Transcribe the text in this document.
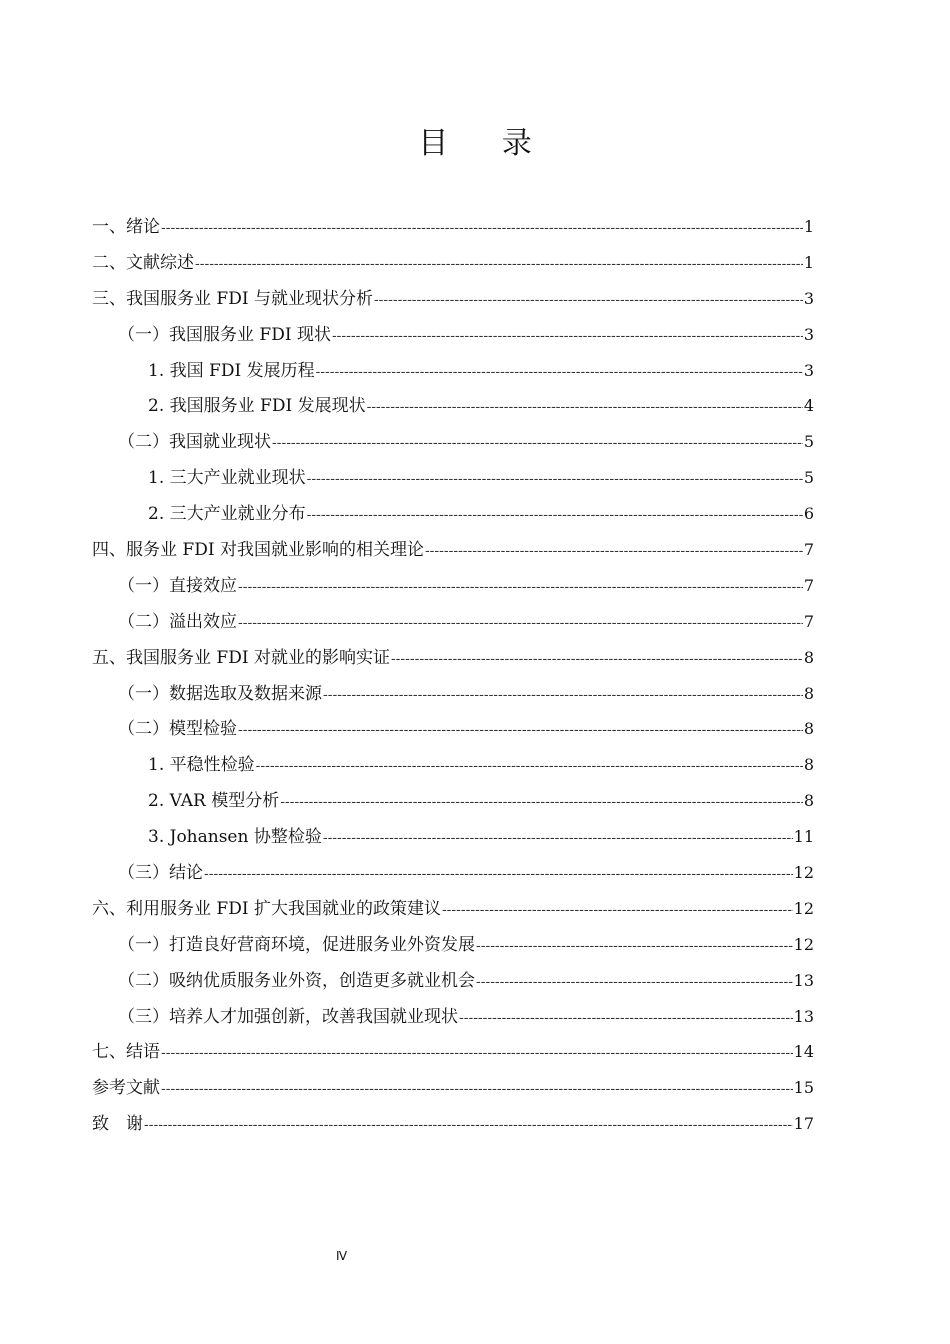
目 录
一、绪论 -----	1
二、文献综述 -----	1
三、我国服务业 FDI 与就业现状分析 -----	3
（一）我国服务业 FDI 现状 -----	3
1. 我国 FDI 发展历程 -----	3
2. 我国服务业 FDI 发展现状 -----	4
（二）我国就业现状 -----	5
1. 三大产业就业现状 -----	5
2. 三大产业就业分布 -----	6
四、服务业 FDI 对我国就业影响的相关理论 -----	7
（一）直接效应 -----	7
（二）溢出效应 -----	7
五、我国服务业 FDI 对就业的影响实证 -----	8
（一）数据选取及数据来源 -----	8
（二）模型检验 -----	8
1. 平稳性检验 -----	8
2. VAR 模型分析 -----	8
3. Johansen 协整检验 -----	11
（三）结论 -----	12
六、利用服务业 FDI 扩大我国就业的政策建议 -----	12
（一）打造良好营商环境，促进服务业外资发展 -----	12
（二）吸纳优质服务业外资，创造更多就业机会 -----	13
（三）培养人才加强创新，改善我国就业现状 -----	13
七、结语 -----	14
参考文献 -----	15
致　谢 -----	17
Ⅳ
